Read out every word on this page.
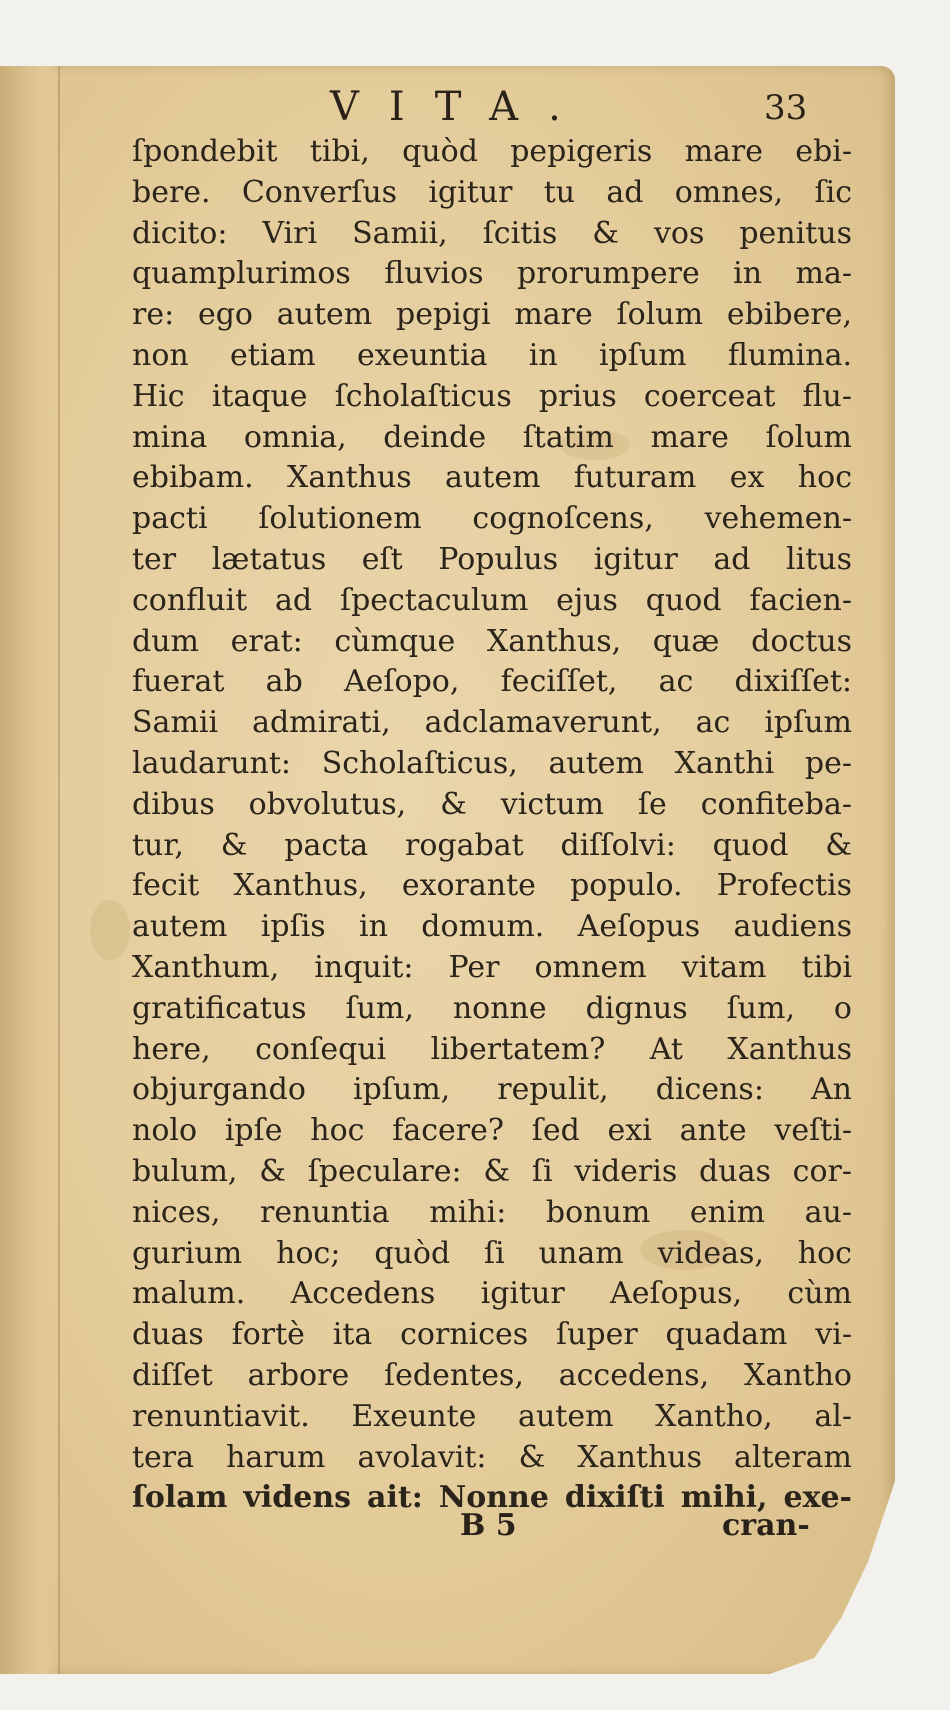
VITA.	33
ſpondebit tibi, quòd pepigeris mare ebi-
bere. Converſus igitur tu ad omnes, ſic
dicito: Viri Samii, ſcitis & vos penitus
quamplurimos fluvios prorumpere in ma-
re: ego autem pepigi mare ſolum ebibere,
non etiam exeuntia in ipſum flumina.
Hic itaque ſcholaſticus prius coerceat flu-
mina omnia, deinde ſtatim mare ſolum
ebibam. Xanthus autem futuram ex hoc
pacti ſolutionem cognoſcens, vehemen-
ter lætatus eſt Populus igitur ad litus
confluit ad ſpectaculum ejus quod facien-
dum erat: cùmque Xanthus, quæ doctus
fuerat ab Aeſopo, feciſſet, ac dixiſſet:
Samii admirati, adclamaverunt, ac ipſum
laudarunt: Scholaſticus, autem Xanthi pe-
dibus obvolutus, & victum ſe confiteba-
tur, & pacta rogabat diſſolvi: quod &
fecit Xanthus, exorante populo. Profectis
autem ipſis in domum. Aeſopus audiens
Xanthum, inquit: Per omnem vitam tibi
gratificatus ſum, nonne dignus ſum, o
here, conſequi libertatem? At Xanthus
objurgando ipſum, repulit, dicens: An
nolo ipſe hoc facere? ſed exi ante veſti-
bulum, & ſpeculare: & ſi videris duas cor-
nices, renuntia mihi: bonum enim au-
gurium hoc; quòd ſi unam videas, hoc
malum. Accedens igitur Aeſopus, cùm
duas fortè ita cornices ſuper quadam vi-
diſſet arbore ſedentes, accedens, Xantho
renuntiavit. Exeunte autem Xantho, al-
tera harum avolavit: & Xanthus alteram
ſolam videns ait: Nonne dixiſti mihi, exe-
B 5	cran-
